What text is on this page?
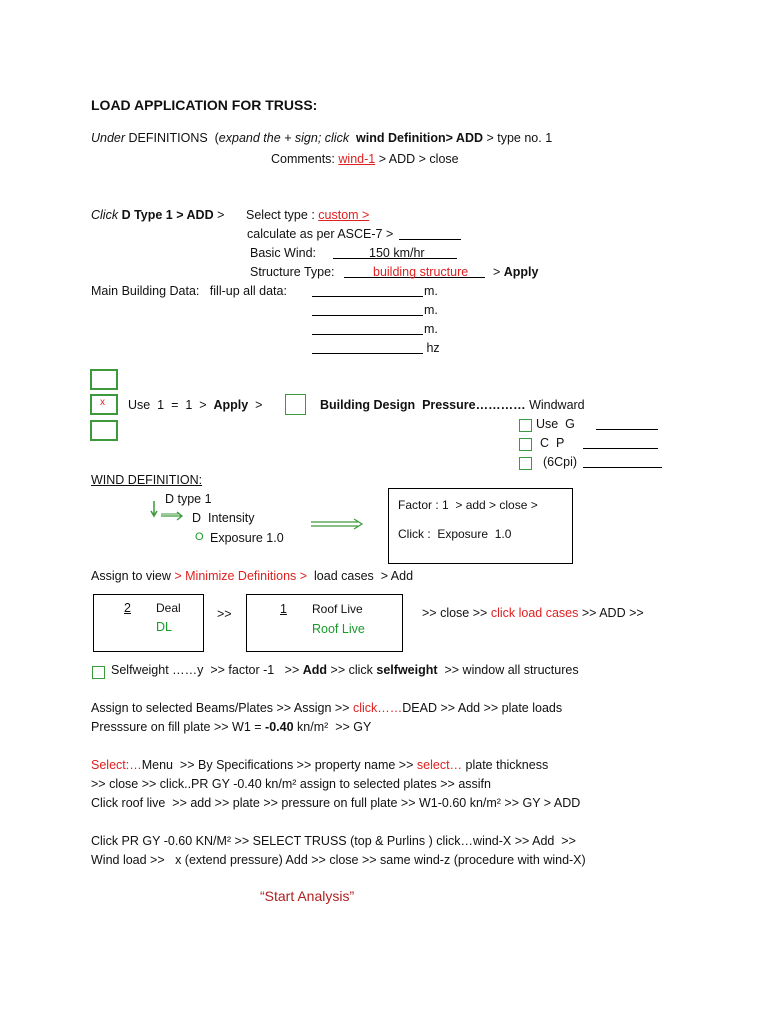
LOAD APPLICATION FOR TRUSS:
Under DEFINITIONS  (expand the + sign; click  wind Definition> ADD > type no. 1
Comments: wind-1 > ADD > close
Click D Type 1 > ADD > Select type : custom >
calculate as per ASCE-7 >
Basic Wind:	150 km/hr
Structure Type:	building structure > Apply
Main Building Data:   fill-up all data:	m.
m.
m.
hz
x Use  1  =  1  >  Apply  >	Building Design  Pressure………… Windward
Use  G
C  P
(6Cpi)
WIND DEFINITION:
D type 1
D  Intensity
O Exposure 1.0
Factor : 1  > add > close >
Click :  Exposure  1.0
Assign to view > Minimize Definitions >  load cases  > Add
2 Deal
DL
>>	1 Roof Live
Roof Live
>> close >> click load cases >> ADD >>
Selfweight ……y  >> factor -1   >> Add >> click selfweight  >> window all structures
Assign to selected Beams/Plates >> Assign >> click……DEAD >> Add >> plate loads
Presssure on fill plate >> W1 = -0.40 kn/m²  >> GY
Select:…Menu  >> By Specifications >> property name >> select… plate thickness
>> close >> click..PR GY -0.40 kn/m² assign to selected plates >> assifn
Click roof live  >> add >> plate >> pressure on full plate >> W1-0.60 kn/m² >> GY > ADD
Click PR GY -0.60 KN/M² >> SELECT TRUSS (top & Purlins ) click…wind-X >> Add  >>
Wind load >>   x (extend pressure) Add >> close >> same wind-z (procedure with wind-X)
“Start Analysis”
